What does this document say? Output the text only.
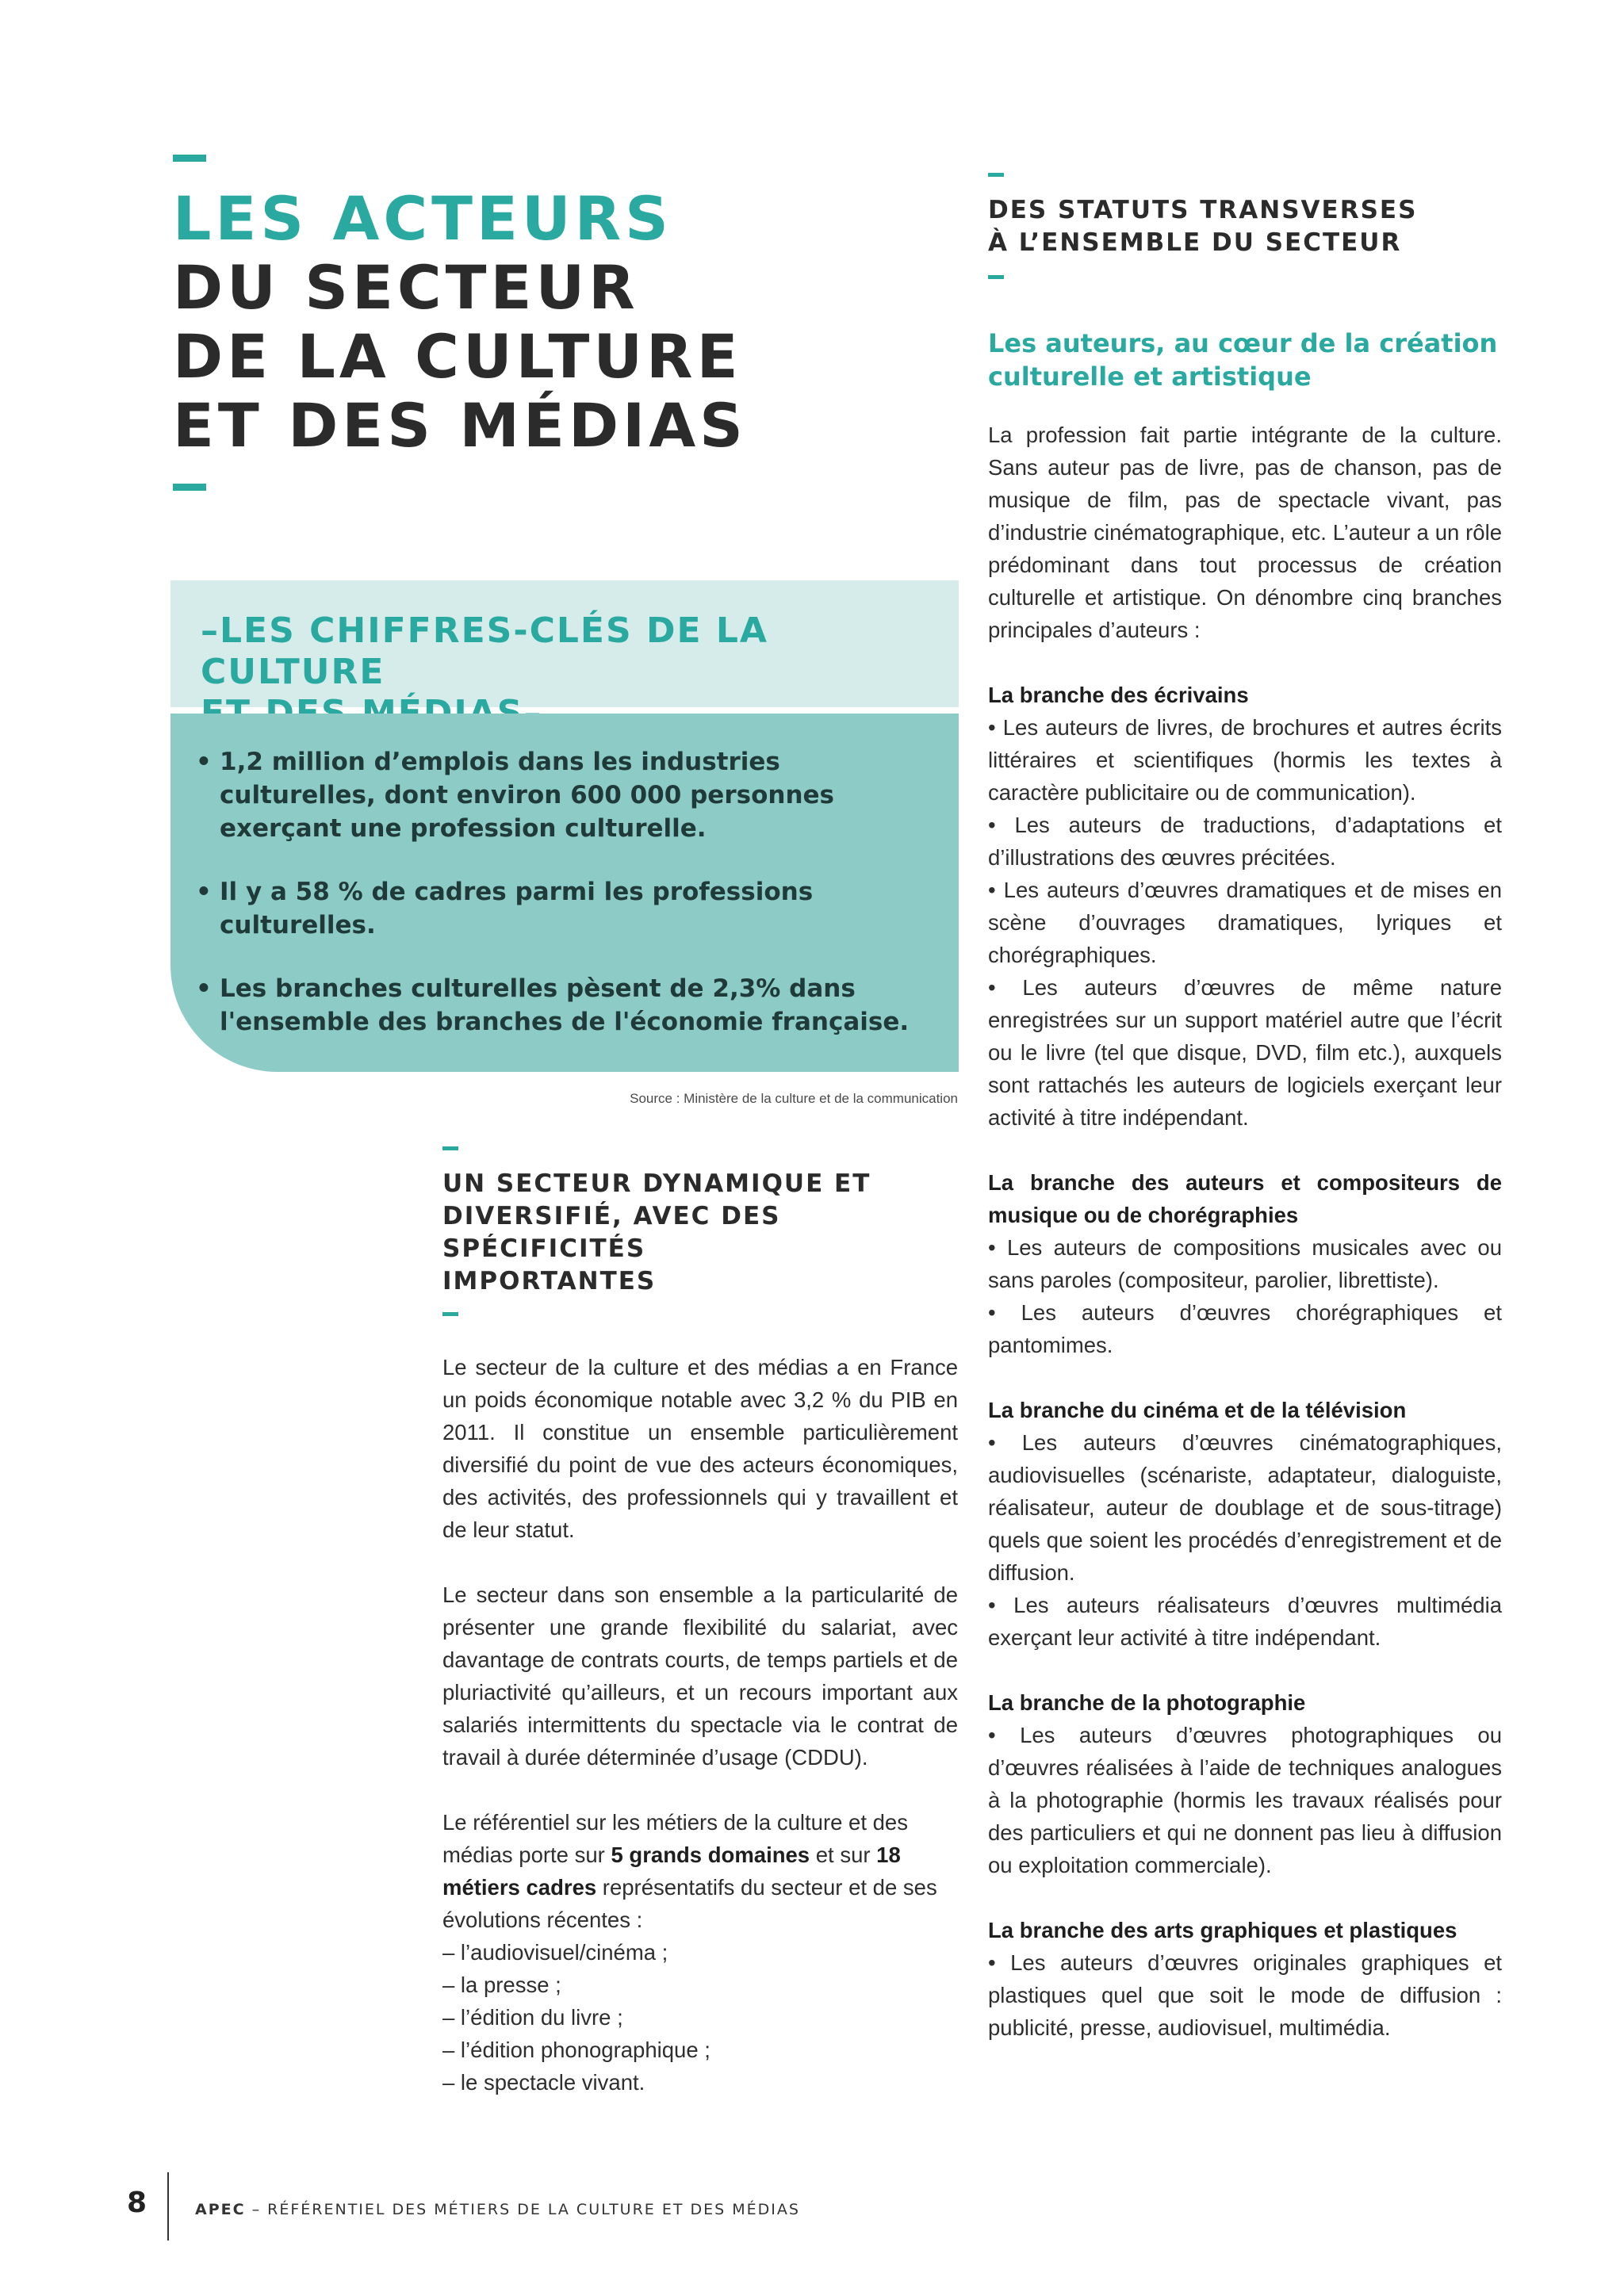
LES ACTEURS
DU SECTEUR
DE LA CULTURE
ET DES MÉDIAS
–LES CHIFFRES-CLÉS DE LA CULTURE
• 1,2 million d’emplois dans les industries culturelles, dont environ 600 000 personnes exerçant une profession culturelle.
• Il y a 58 % de cadres parmi les professions culturelles.
• Les branches culturelles pèsent de 2,3% dans l'ensemble des branches de l'économie française.
Source : Ministère de la culture et de la communication
UN SECTEUR DYNAMIQUE ET
DIVERSIFIÉ, AVEC DES SPÉCIFICITÉS
IMPORTANTES

Le secteur de la culture et des médias a en France un poids économique notable avec 3,2 % du PIB en 2011. Il constitue un ensemble particulièrement diversifié du point de vue des acteurs économiques, des activités, des professionnels qui y travaillent et de leur statut.

Le secteur dans son ensemble a la particularité de présenter une grande flexibilité du salariat, avec davantage de contrats courts, de temps partiels et de pluriactivité qu’ailleurs, et un recours important aux salariés intermittents du spectacle via le contrat de travail à durée déterminée d’usage (CDDU).

Le référentiel sur les métiers de la culture et des médias porte sur 5 grands domaines et sur 18 métiers cadres représentatifs du secteur et de ses évolutions récentes :

– l’audiovisuel/cinéma ;
– la presse ;
– l’édition du livre ;
– l’édition phonographique ;
– le spectacle vivant.
DES STATUTS TRANSVERSES
À L’ENSEMBLE DU SECTEUR
Les auteurs, au cœur de la création culturelle et artistique

La profession fait partie intégrante de la culture. Sans auteur pas de livre, pas de chanson, pas de musique de film, pas de spectacle vivant, pas d’industrie cinématographique, etc. L’auteur a un rôle prédominant dans tout processus de création culturelle et artistique. On dénombre cinq branches principales d’auteurs :

La branche des écrivains
• Les auteurs de livres, de brochures et autres écrits littéraires et scientifiques (hormis les textes à caractère publicitaire ou de communication).
• Les auteurs de traductions, d’adaptations et d’illustrations des œuvres précitées.
• Les auteurs d’œuvres dramatiques et de mises en scène d’ouvrages dramatiques, lyriques et chorégraphiques.
• Les auteurs d’œuvres de même nature enregistrées sur un support matériel autre que l’écrit ou le livre (tel que disque, DVD, film etc.), auxquels sont rattachés les auteurs de logiciels exerçant leur activité à titre indépendant.
La branche des auteurs et compositeurs de musique ou de chorégraphies
• Les auteurs de compositions musicales avec ou sans paroles (compositeur, parolier, librettiste).
• Les auteurs d’œuvres chorégraphiques et pantomimes.
La branche du cinéma et de la télévision
• Les auteurs d’œuvres cinématographiques, audiovisuelles (scénariste, adaptateur, dialoguiste, réalisateur, auteur de doublage et de sous-titrage) quels que soient les procédés d’enregistrement et de diffusion.
• Les auteurs réalisateurs d’œuvres multimédia exerçant leur activité à titre indépendant.
La branche de la photographie
• Les auteurs d’œuvres photographiques ou d’œuvres réalisées à l’aide de techniques analogues à la photographie (hormis les travaux réalisés pour des particuliers et qui ne donnent pas lieu à diffusion ou exploitation commerciale).
La branche des arts graphiques et plastiques
• Les auteurs d’œuvres originales graphiques et plastiques quel que soit le mode de diffusion : publicité, presse, audiovisuel, multimédia.
8	APEC – RÉFÉRENTIEL DES MÉTIERS DE LA CULTURE ET DES MÉDIAS
